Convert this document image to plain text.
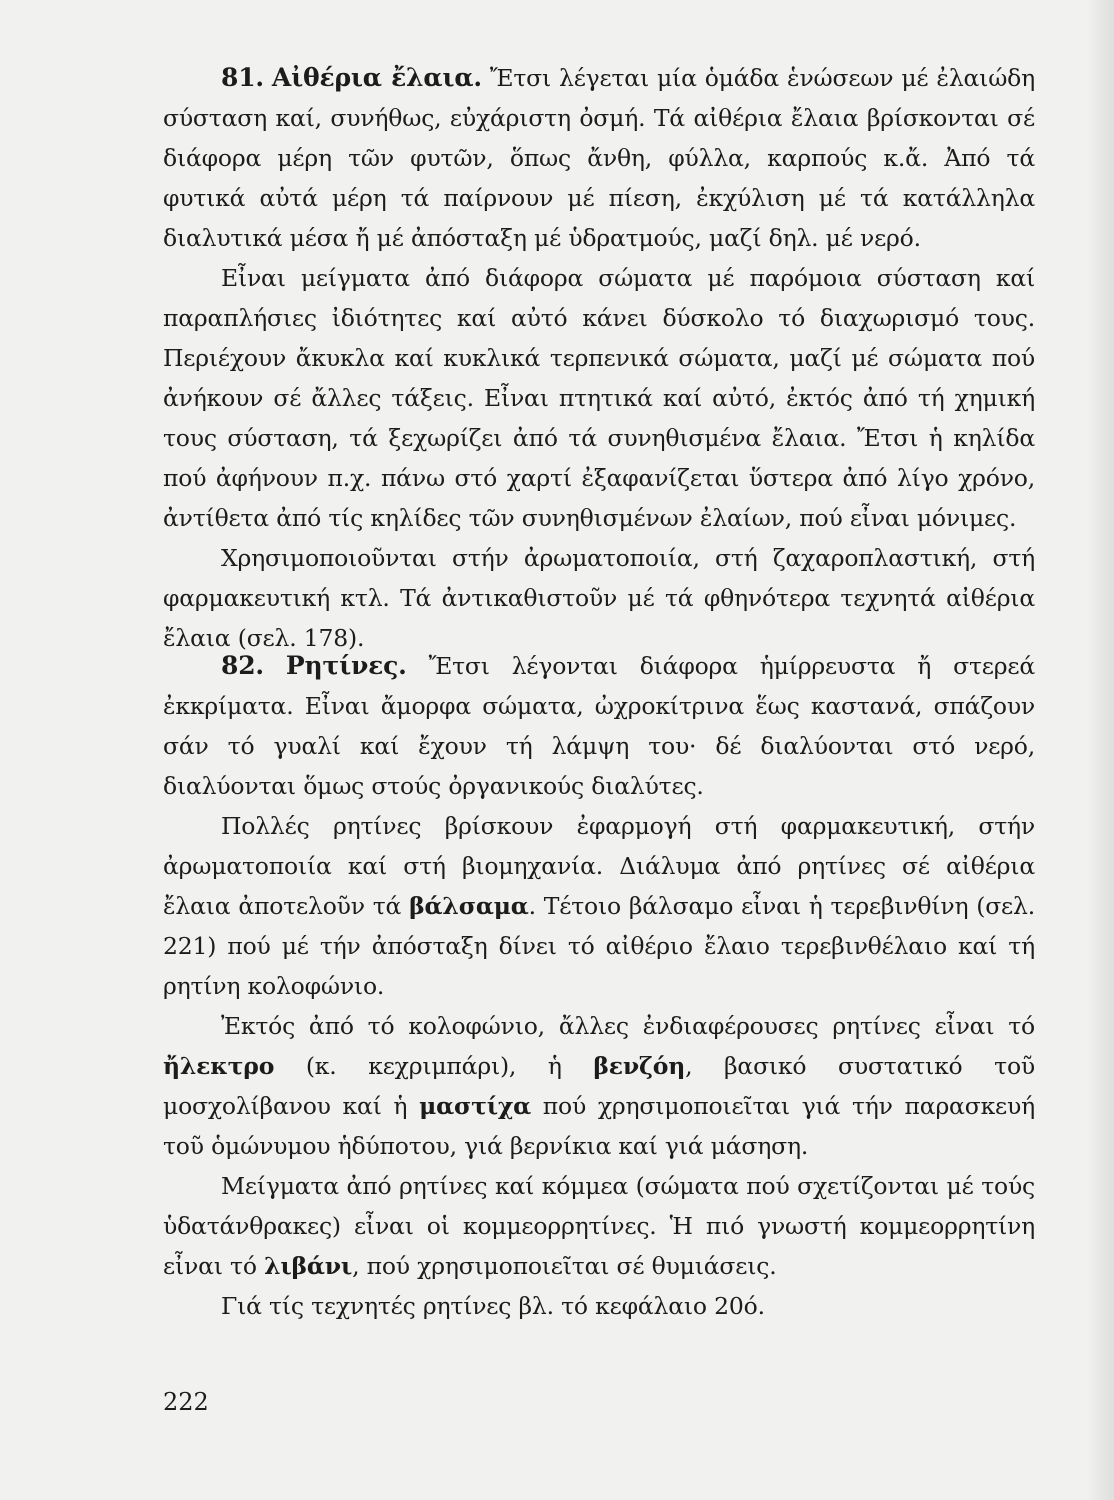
81. Αἰθέρια ἔλαια. Ἔτσι λέγεται μία ὁμάδα ἑνώσεων μέ ἐλαιώδη σύσταση καί, συνήθως, εὐχάριστη ὀσμή. Τά αἰθέρια ἔλαια βρίσκονται σέ διάφορα μέρη τῶν φυτῶν, ὅπως ἄνθη, φύλλα, καρπούς κ.ἄ. Ἀπό τά φυτικά αὐτά μέρη τά παίρνουν μέ πίεση, ἐκχύλιση μέ τά κατάλληλα διαλυτικά μέσα ἤ μέ ἀπόσταξη μέ ὑδρατμούς, μαζί δηλ. μέ νερό.

Εἶναι μείγματα ἀπό διάφορα σώματα μέ παρόμοια σύσταση καί παραπλήσιες ἰδιότητες καί αὐτό κάνει δύσκολο τό διαχωρισμό τους. Περιέχουν ἄκυκλα καί κυκλικά τερπενικά σώματα, μαζί μέ σώματα πού ἀνήκουν σέ ἄλλες τάξεις. Εἶναι πτητικά καί αὐτό, ἐκτός ἀπό τή χημική τους σύσταση, τά ξεχωρίζει ἀπό τά συνηθισμένα ἔλαια. Ἔτσι ἡ κηλίδα πού ἀφήνουν π.χ. πάνω στό χαρτί ἐξαφανίζεται ὕστερα ἀπό λίγο χρόνο, ἀντίθετα ἀπό τίς κηλίδες τῶν συνηθισμένων ἐλαίων, πού εἶναι μόνιμες.

Χρησιμοποιοῦνται στήν ἀρωματοποιία, στή ζαχαροπλαστική, στή φαρμακευτική κτλ. Τά ἀντικαθιστοῦν μέ τά φθηνότερα τεχνητά αἰθέρια ἔλαια (σελ. 178).

82. Ρητίνες. Ἔτσι λέγονται διάφορα ἡμίρρευστα ἤ στερεά ἐκκρίματα. Εἶναι ἄμορφα σώματα, ὠχροκίτρινα ἕως καστανά, σπάζουν σάν τό γυαλί καί ἔχουν τή λάμψη του· δέ διαλύονται στό νερό, διαλύονται ὅμως στούς ὀργανικούς διαλύτες.

Πολλές ρητίνες βρίσκουν ἐφαρμογή στή φαρμακευτική, στήν ἀρωματοποιία καί στή βιομηχανία. Διάλυμα ἀπό ρητίνες σέ αἰθέρια ἔλαια ἀποτελοῦν τά βάλσαμα. Τέτοιο βάλσαμο εἶναι ἡ τερεβινθίνη (σελ. 221) πού μέ τήν ἀπόσταξη δίνει τό αἰθέριο ἔλαιο τερεβινθέλαιο καί τή ρητίνη κολοφώνιο.

Ἐκτός ἀπό τό κολοφώνιο, ἄλλες ἐνδιαφέρουσες ρητίνες εἶναι τό ἤλεκτρο (κ. κεχριμπάρι), ἡ βενζόη, βασικό συστατικό τοῦ μοσχολίβανου καί ἡ μαστίχα πού χρησιμοποιεῖται γιά τήν παρασκευή τοῦ ὁμώνυμου ἡδύποτου, γιά βερνίκια καί γιά μάσηση.

Μείγματα ἀπό ρητίνες καί κόμμεα (σώματα πού σχετίζονται μέ τούς ὑδατάνθρακες) εἶναι οἱ κομμεορρητίνες. Ἡ πιό γνωστή κομμεορρητίνη εἶναι τό λιβάνι, πού χρησιμοποιεῖται σέ θυμιάσεις.

Γιά τίς τεχνητές ρητίνες βλ. τό κεφάλαιο 20ό.

222
